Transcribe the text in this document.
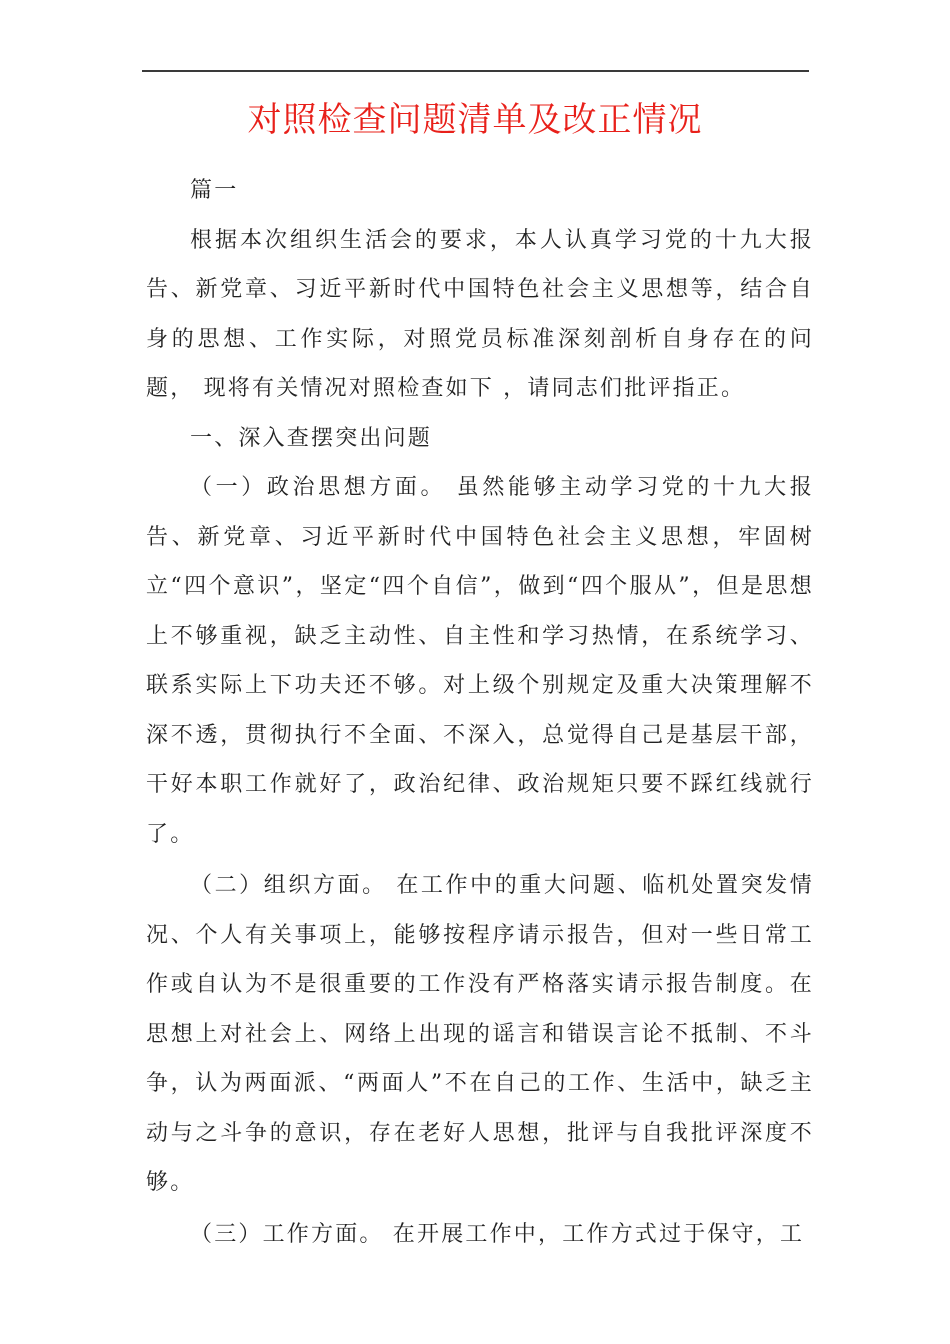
对照检查问题清单及改正情况

篇一

根据本次组织生活会的要求，本人认真学习党的十九大报告、新党章、习近平新时代中国特色社会主义思想等，结合自身的思想、工作实际，对照党员标准深刻剖析自身存在的问题， 现将有关情况对照检查如下 ，请同志们批评指正。

一、深入查摆突出问题

（一）政治思想方面。 虽然能够主动学习党的十九大报告、新党章、习近平新时代中国特色社会主义思想，牢固树立“四个意识”，坚定“四个自信”，做到“四个服从”，但是思想上不够重视，缺乏主动性、自主性和学习热情，在系统学习、联系实际上下功夫还不够。对上级个别规定及重大决策理解不深不透，贯彻执行不全面、不深入，总觉得自己是基层干部，干好本职工作就好了，政治纪律、政治规矩只要不踩红线就行了。

（二）组织方面。 在工作中的重大问题、临机处置突发情况、个人有关事项上，能够按程序请示报告，但对一些日常工作或自认为不是很重要的工作没有严格落实请示报告制度。在思想上对社会上、网络上出现的谣言和错误言论不抵制、不斗争，认为两面派、“两面人”不在自己的工作、生活中，缺乏主动与之斗争的意识，存在老好人思想，批评与自我批评深度不够。

（三）工作方面。 在开展工作中，工作方式过于保守，工
